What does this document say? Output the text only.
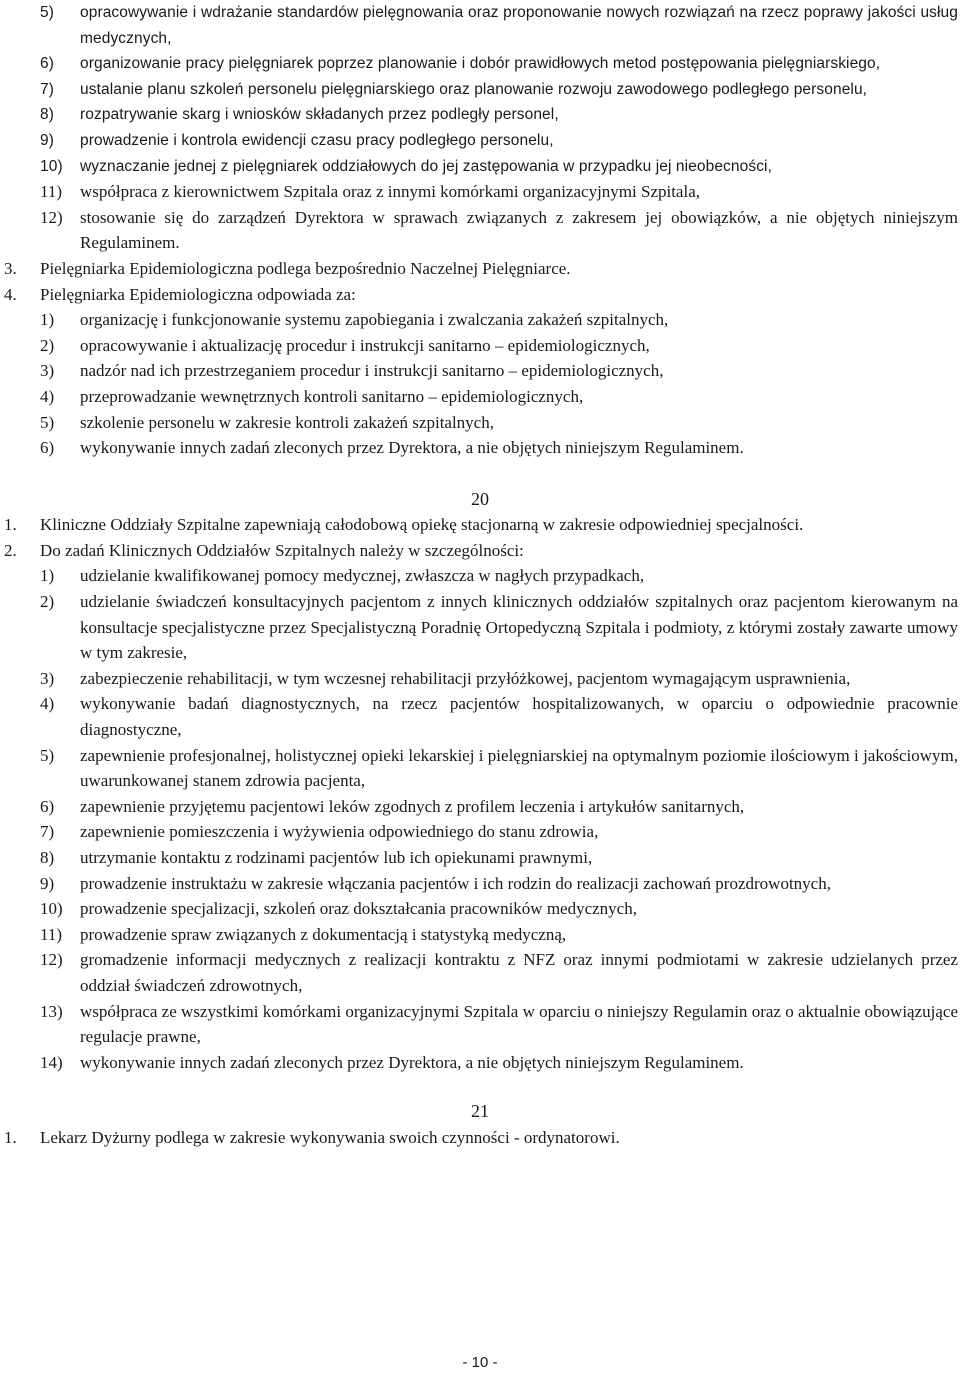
5) opracowywanie i wdrażanie standardów pielęgnowania oraz proponowanie nowych rozwiązań na rzecz poprawy jakości usług medycznych,
6) organizowanie pracy pielęgniarek poprzez planowanie i dobór prawidłowych metod postępowania pielęgniarskiego,
7) ustalanie planu szkoleń personelu pielęgniarskiego oraz planowanie rozwoju zawodowego podległego personelu,
8) rozpatrywanie skarg i wniosków składanych przez podległy personel,
9) prowadzenie i kontrola ewidencji czasu pracy podległego personelu,
10) wyznaczanie jednej z pielęgniarek oddziałowych do jej zastępowania w przypadku jej nieobecności,
11) współpraca z kierownictwem Szpitala oraz z innymi komórkami organizacyjnymi Szpitala,
12) stosowanie się do zarządzeń Dyrektora w sprawach związanych z zakresem jej obowiązków, a nie objętych niniejszym Regulaminem.
3. Pielęgniarka Epidemiologiczna podlega bezpośrednio Naczelnej Pielęgniarce.
4. Pielęgniarka Epidemiologiczna odpowiada za:
1) organizację i funkcjonowanie systemu zapobiegania i zwalczania zakażeń szpitalnych,
2) opracowywanie i aktualizację procedur i instrukcji sanitarno – epidemiologicznych,
3) nadzór nad ich przestrzeganiem procedur i instrukcji sanitarno – epidemiologicznych,
4) przeprowadzanie wewnętrznych kontroli sanitarno – epidemiologicznych,
5) szkolenie personelu w zakresie kontroli zakażeń szpitalnych,
6) wykonywanie innych zadań zleconych przez Dyrektora, a nie objętych niniejszym Regulaminem.
20
1. Kliniczne Oddziały Szpitalne zapewniają całodobową opiekę stacjonarną w zakresie odpowiedniej specjalności.
2. Do zadań Klinicznych Oddziałów Szpitalnych należy w szczególności:
1) udzielanie kwalifikowanej pomocy medycznej, zwłaszcza w nagłych przypadkach,
2) udzielanie świadczeń konsultacyjnych pacjentom z innych klinicznych oddziałów szpitalnych oraz pacjentom kierowanym na konsultacje specjalistyczne przez Specjalistyczną Poradnię Ortopedyczną Szpitala i podmioty, z którymi zostały zawarte umowy w tym zakresie,
3) zabezpieczenie rehabilitacji, w tym wczesnej rehabilitacji przyłóżkowej, pacjentom wymagającym usprawnienia,
4) wykonywanie badań diagnostycznych, na rzecz pacjentów hospitalizowanych, w oparciu o odpowiednie pracownie diagnostyczne,
5) zapewnienie profesjonalnej, holistycznej opieki lekarskiej i pielęgniarskiej na optymalnym poziomie ilościowym i jakościowym, uwarunkowanej stanem zdrowia pacjenta,
6) zapewnienie przyjętemu pacjentowi leków zgodnych z profilem leczenia i artykułów sanitarnych,
7) zapewnienie pomieszczenia i wyżywienia odpowiedniego do stanu zdrowia,
8) utrzymanie kontaktu z rodzinami pacjentów lub ich opiekunami prawnymi,
9) prowadzenie instruktażu w zakresie włączania pacjentów i ich rodzin do realizacji zachowań prozdrowotnych,
10) prowadzenie specjalizacji, szkoleń oraz dokształcania pracowników medycznych,
11) prowadzenie spraw związanych z dokumentacją i statystyką medyczną,
12) gromadzenie informacji medycznych z realizacji kontraktu z NFZ oraz innymi podmiotami w zakresie udzielanych przez oddział świadczeń zdrowotnych,
13) współpraca ze wszystkimi komórkami organizacyjnymi Szpitala w oparciu o niniejszy Regulamin oraz o aktualnie obowiązujące regulacje prawne,
14) wykonywanie innych zadań zleconych przez Dyrektora, a nie objętych niniejszym Regulaminem.
21
1. Lekarz Dyżurny podlega w zakresie wykonywania swoich czynności - ordynatorowi.
- 10 -
